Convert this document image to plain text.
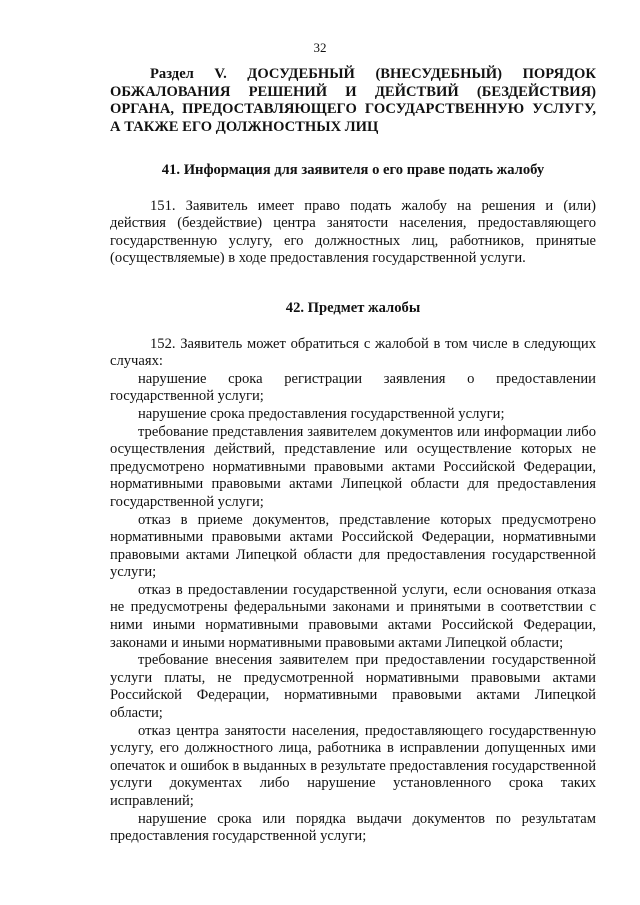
32

Раздел V. ДОСУДЕБНЫЙ (ВНЕСУДЕБНЫЙ) ПОРЯДОК ОБЖАЛОВАНИЯ РЕШЕНИЙ И ДЕЙСТВИЙ (БЕЗДЕЙСТВИЯ) ОРГАНА, ПРЕДОСТАВЛЯЮЩЕГО ГОСУДАРСТВЕННУЮ УСЛУГУ, А ТАКЖЕ ЕГО ДОЛЖНОСТНЫХ ЛИЦ

41. Информация для заявителя о его праве подать жалобу

151. Заявитель имеет право подать жалобу на решения и (или) действия (бездействие) центра занятости населения, предоставляющего государственную услугу, его должностных лиц, работников, принятые (осуществляемые) в ходе предоставления государственной услуги.

42. Предмет жалобы

152. Заявитель может обратиться с жалобой в том числе в следующих случаях:

нарушение срока регистрации заявления о предоставлении государственной услуги;

нарушение срока предоставления государственной услуги;

требование представления заявителем документов или информации либо осуществления действий, представление или осуществление которых не предусмотрено нормативными правовыми актами Российской Федерации, нормативными правовыми актами Липецкой области для предоставления государственной услуги;

отказ в приеме документов, представление которых предусмотрено нормативными правовыми актами Российской Федерации, нормативными правовыми актами Липецкой области для предоставления государственной услуги;

отказ в предоставлении государственной услуги, если основания отказа не предусмотрены федеральными законами и принятыми в соответствии с ними иными нормативными правовыми актами Российской Федерации, законами и иными нормативными правовыми актами Липецкой области;

требование внесения заявителем при предоставлении государственной услуги платы, не предусмотренной нормативными правовыми актами Российской Федерации, нормативными правовыми актами Липецкой области;

отказ центра занятости населения, предоставляющего государственную услугу, его должностного лица, работника в исправлении допущенных ими опечаток и ошибок в выданных в результате предоставления государственной услуги документах либо нарушение установленного срока таких исправлений;

нарушение срока или порядка выдачи документов по результатам предоставления государственной услуги;
